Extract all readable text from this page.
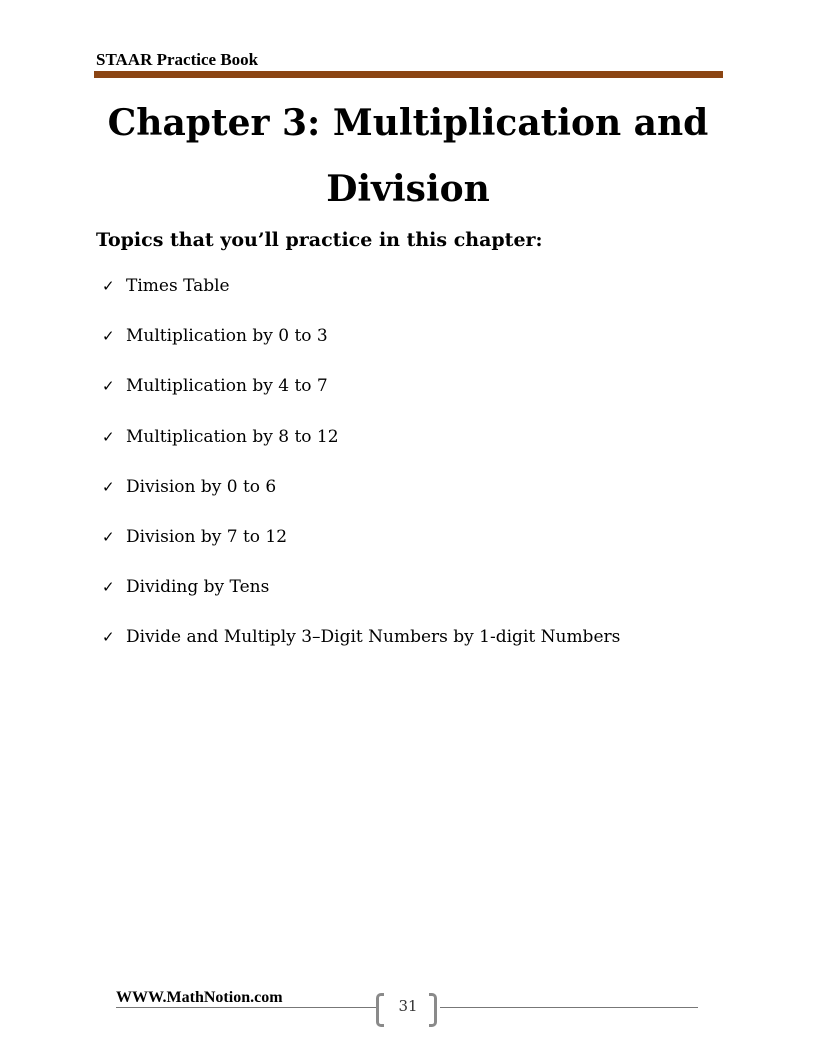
STAAR Practice Book
Chapter 3: Multiplication and
Division
Topics that you’ll practice in this chapter:
✓ Times Table
✓ Multiplication by 0 to 3
✓ Multiplication by 4 to 7
✓ Multiplication by 8 to 12
✓ Division by 0 to 6
✓ Division by 7 to 12
✓ Dividing by Tens
✓ Divide and Multiply 3–Digit Numbers by 1-digit Numbers
WWW.MathNotion.com	31
